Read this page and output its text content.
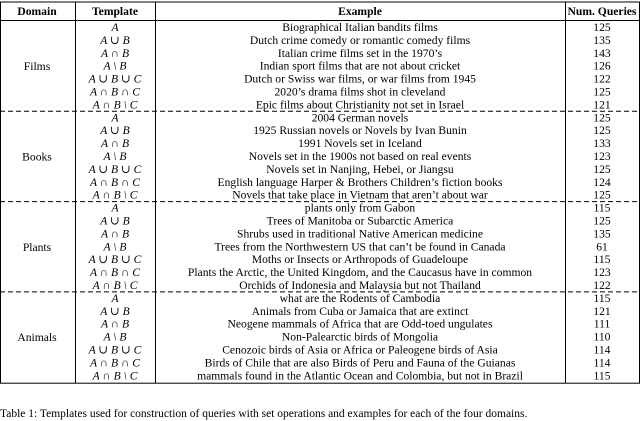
Domain	Template	Example	Num. Queries
Films
A	Biographical Italian bandits films	125
A ∪ B	Dutch crime comedy or romantic comedy films	135
A ∩ B	Italian crime films set in the 1970’s	143
A \ B	Indian sport films that are not about cricket	126
A ∪ B ∪ C	Dutch or Swiss war films, or war films from 1945	122
A ∩ B ∩ C	2020’s drama films shot in cleveland	125
A ∩ B \ C	Epic films about Christianity not set in Israel	121
Books
A	2004 German novels	125
A ∪ B	1925 Russian novels or Novels by Ivan Bunin	125
A ∩ B	1991 Novels set in Iceland	133
A \ B	Novels set in the 1900s not based on real events	123
A ∪ B ∪ C	Novels set in Nanjing, Hebei, or Jiangsu	125
A ∩ B ∩ C	English language Harper & Brothers Children’s fiction books	124
A ∩ B \ C	Novels that take place in Vietnam that aren’t about war	125
Plants
A	plants only from Gabon	115
A ∪ B	Trees of Manitoba or Subarctic America	125
A ∩ B	Shrubs used in traditional Native American medicine	135
A \ B	Trees from the Northwestern US that can’t be found in Canada	61
A ∪ B ∪ C	Moths or Insects or Arthropods of Guadeloupe	115
A ∩ B ∩ C	Plants the Arctic, the United Kingdom, and the Caucasus have in common	123
A ∩ B \ C	Orchids of Indonesia and Malaysia but not Thailand	122
Animals
A	what are the Rodents of Cambodia	115
A ∪ B	Animals from Cuba or Jamaica that are extinct	121
A ∩ B	Neogene mammals of Africa that are Odd-toed ungulates	111
A \ B	Non-Palearctic birds of Mongolia	110
A ∪ B ∪ C	Cenozoic birds of Asia or Africa or Paleogene birds of Asia	114
A ∩ B ∩ C	Birds of Chile that are also Birds of Peru and Fauna of the Guianas	114
A ∩ B \ C	mammals found in the Atlantic Ocean and Colombia, but not in Brazil	115
Table 1: Templates used for construction of queries with set operations and examples for each of the four domains.
